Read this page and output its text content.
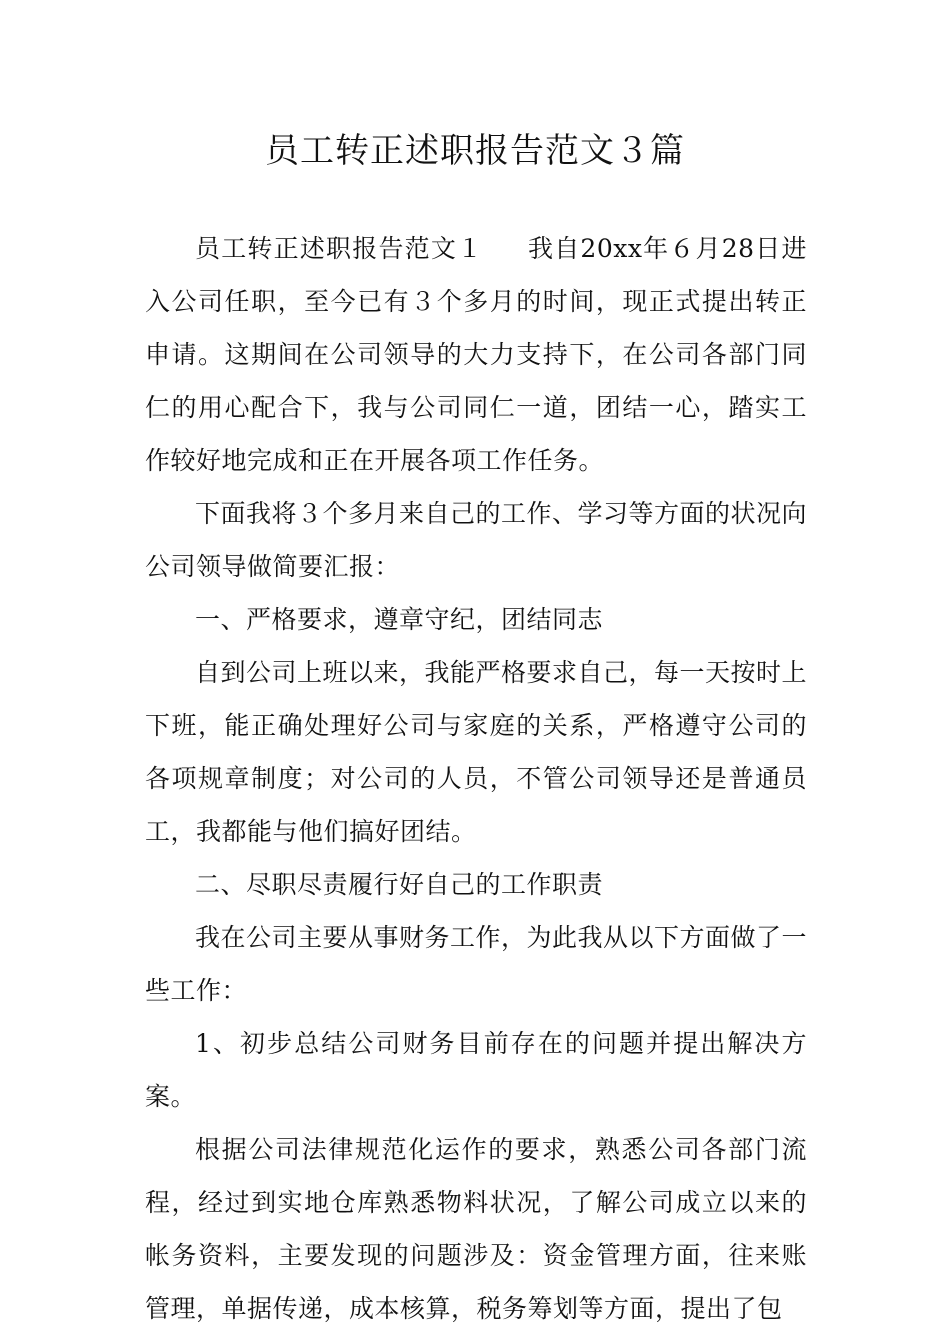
员工转正述职报告范文３篇

员工转正述职报告范文１ 我自20xx年６月28日进入公司任职，至今已有３个多月的时间，现正式提出转正申请。这期间在公司领导的大力支持下，在公司各部门同仁的用心配合下，我与公司同仁一道，团结一心，踏实工作较好地完成和正在开展各项工作任务。

下面我将３个多月来自己的工作、学习等方面的状况向公司领导做简要汇报：

一、严格要求，遵章守纪，团结同志

自到公司上班以来，我能严格要求自己，每一天按时上下班，能正确处理好公司与家庭的关系，严格遵守公司的各项规章制度；对公司的人员，不管公司领导还是普通员工，我都能与他们搞好团结。

二、尽职尽责履行好自己的工作职责

我在公司主要从事财务工作，为此我从以下方面做了一些工作：

1、初步总结公司财务目前存在的问题并提出解决方案。

根据公司法律规范化运作的要求，熟悉公司各部门流程，经过到实地仓库熟悉物料状况，了解公司成立以来的帐务资料，主要发现的问题涉及：资金管理方面，往来账管理，单据传递，成本核算，税务筹划等方面，提出了包
